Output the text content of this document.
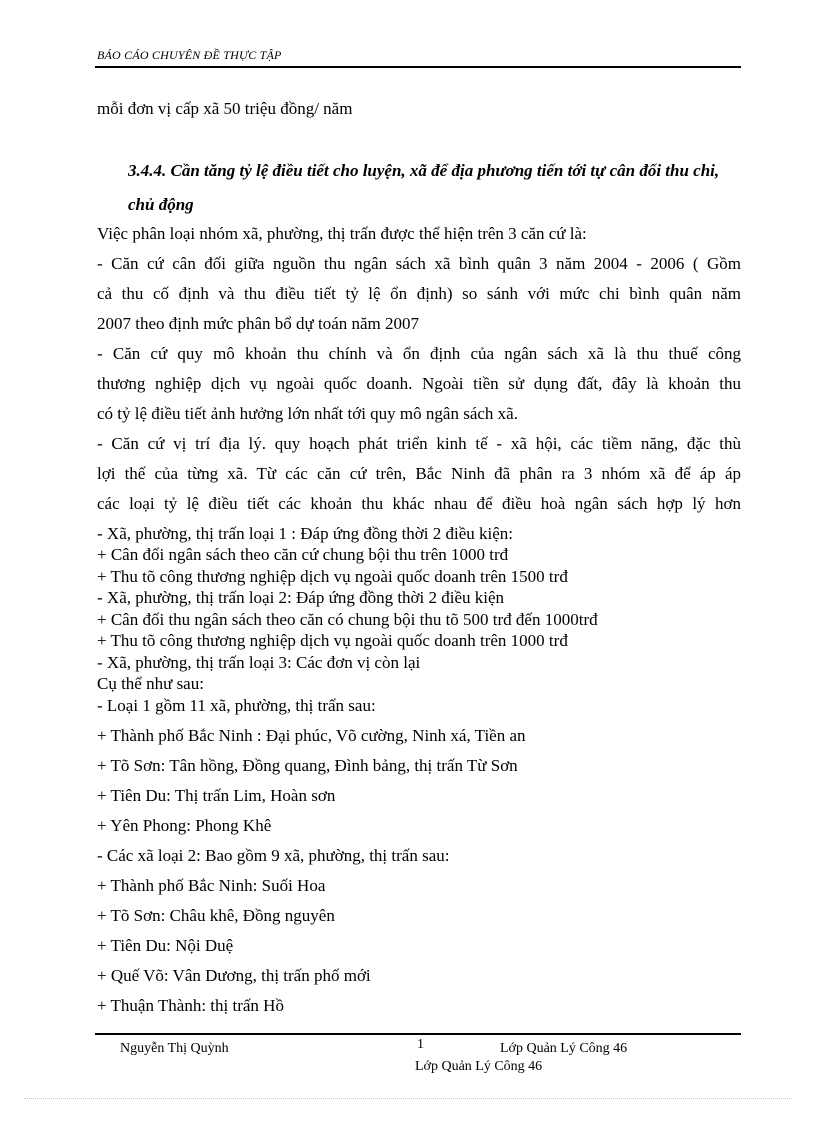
BÁO CÁO CHUYÊN ĐỀ THỰC TẬP
mỗi đơn vị cấp xã 50 triệu đồng/ năm
3.4.4. Cần tăng tỷ lệ điều tiết cho luyện, xã để địa phương tiến tới tự cân đối thu chi, chủ động
Việc phân loại nhóm xã, phường, thị trấn được thể hiện trên 3 căn cứ là:
- Căn cứ cân đối giữa nguồn thu ngân sách xã bình quân 3 năm 2004 - 2006 ( Gồm
cả thu cố định và thu điều tiết tỷ lệ ổn định) so sánh với mức chi bình quân năm
2007 theo định mức phân bổ dự toán năm 2007
- Căn cứ quy mô khoản thu chính và ổn định của ngân sách xã là thu thuế công
thương nghiệp dịch vụ ngoài quốc doanh. Ngoài tiền sử dụng đất, đây là khoản thu
có tỷ lệ điều tiết ảnh hưởng lớn nhất tới quy mô ngân sách xã.
- Căn cứ vị trí địa lý. quy hoạch phát triển kinh tế - xã hội, các tiềm năng, đặc thù
lợi thế của từng xã. Từ các căn cứ trên, Bắc Ninh đã phân ra 3 nhóm xã để áp áp
các loại tỷ lệ điều tiết các khoản thu khác nhau để điều hoà ngân sách hợp lý hơn
- Xã, phường, thị trấn loại 1 : Đáp ứng đồng thời 2 điều kiện:
+ Cân đối ngân sách theo căn cứ chung bội thu trên 1000 trđ
+ Thu tõ công thương nghiệp dịch vụ ngoài quốc doanh trên 1500 trđ
- Xã, phường, thị trấn loại 2: Đáp ứng đồng thời 2 điều kiện
+ Cân đối thu ngân sách theo căn có chung bội thu tõ 500 trđ đến 1000trđ
+ Thu tõ công thương nghiệp dịch vụ ngoài quốc doanh trên 1000 trđ
- Xã, phường, thị trấn loại 3: Các đơn vị còn lại
Cụ thể như sau:
- Loại 1 gồm 11 xã, phường, thị trấn sau:
+ Thành phố Bắc Ninh : Đại phúc, Võ cường, Ninh xá, Tiền an
+ Tõ Sơn: Tân hồng, Đồng quang, Đình bảng, thị trấn Từ Sơn
+ Tiên Du: Thị trấn Lim, Hoàn sơn
+ Yên Phong: Phong Khê
- Các xã loại 2: Bao gồm 9 xã, phường, thị trấn sau:
+ Thành phố Bắc Ninh: Suối Hoa
+ Tõ Sơn: Châu khê, Đồng nguyên
+ Tiên Du: Nội Duệ
+ Quế Võ: Vân Dương, thị trấn phố mới
+ Thuận Thành: thị trấn Hồ
Nguyễn Thị Quỳnh	1	Lớp Quản Lý Công 46
Lớp Quản Lý Công 46
